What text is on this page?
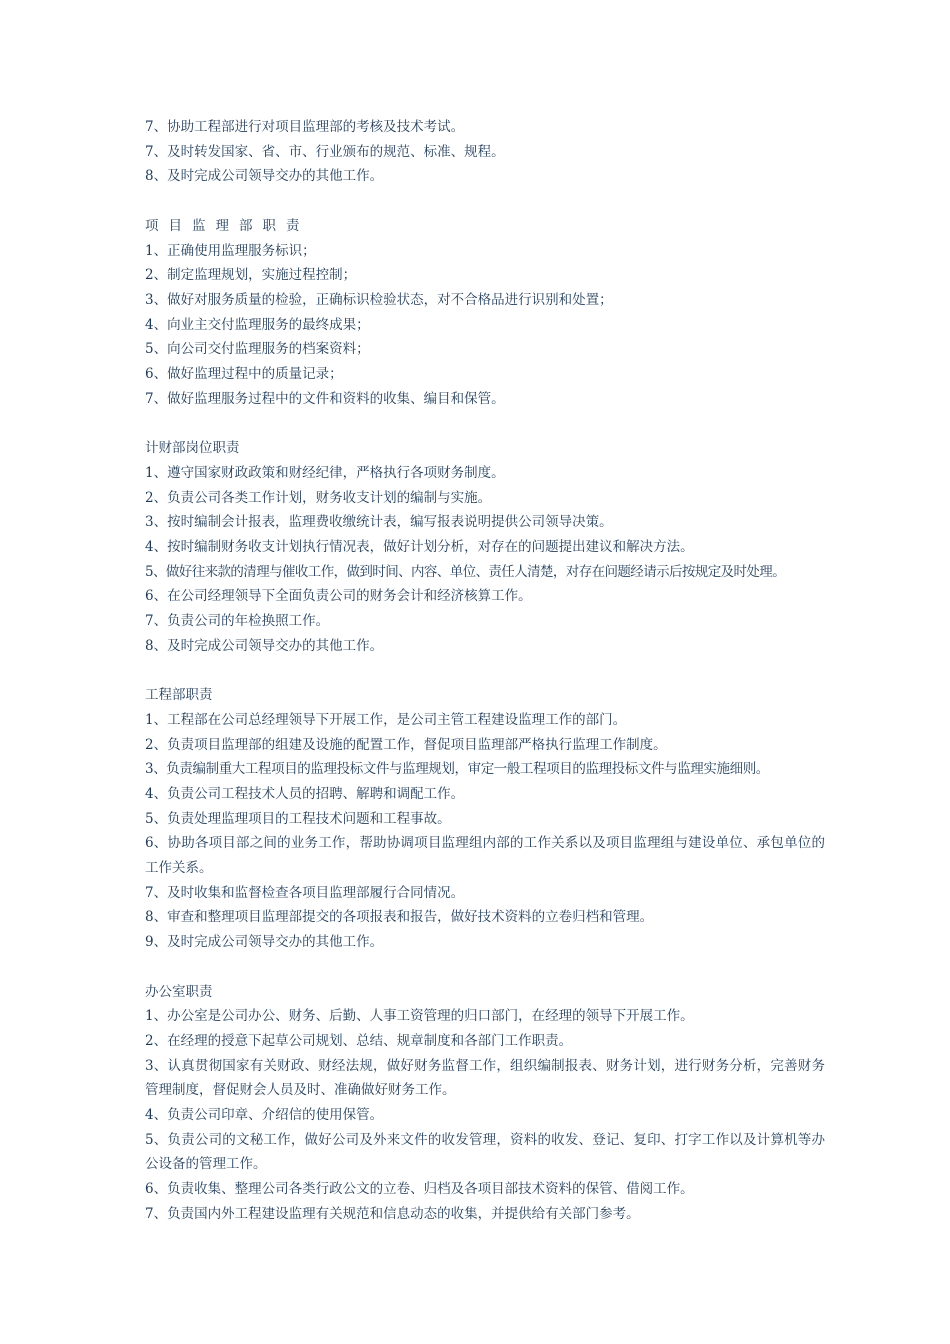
7、协助工程部进行对项目监理部的考核及技术考试。
7、及时转发国家、省、市、行业颁布的规范、标准、规程。
8、及时完成公司领导交办的其他工作。
项目监理部职责
1、正确使用监理服务标识；
2、制定监理规划，实施过程控制；
3、做好对服务质量的检验，正确标识检验状态，对不合格品进行识别和处置；
4、向业主交付监理服务的最终成果；
5、向公司交付监理服务的档案资料；
6、做好监理过程中的质量记录；
7、做好监理服务过程中的文件和资料的收集、编目和保管。
计财部岗位职责
1、遵守国家财政政策和财经纪律，严格执行各项财务制度。
2、负责公司各类工作计划，财务收支计划的编制与实施。
3、按时编制会计报表，监理费收缴统计表，编写报表说明提供公司领导决策。
4、按时编制财务收支计划执行情况表，做好计划分析，对存在的问题提出建议和解决方法。
5、做好往来款的清理与催收工作，做到时间、内容、单位、责任人清楚，对存在问题经请示后按规定及时处理。
6、在公司经理领导下全面负责公司的财务会计和经济核算工作。
7、负责公司的年检换照工作。
8、及时完成公司领导交办的其他工作。
工程部职责
1、工程部在公司总经理领导下开展工作，是公司主管工程建设监理工作的部门。
2、负责项目监理部的组建及设施的配置工作，督促项目监理部严格执行监理工作制度。
3、负责编制重大工程项目的监理投标文件与监理规划，审定一般工程项目的监理投标文件与监理实施细则。
4、负责公司工程技术人员的招聘、解聘和调配工作。
5、负责处理监理项目的工程技术问题和工程事故。
6、协助各项目部之间的业务工作，帮助协调项目监理组内部的工作关系以及项目监理组与建设单位、承包单位的工作关系。
7、及时收集和监督检查各项目监理部履行合同情况。
8、审查和整理项目监理部提交的各项报表和报告，做好技术资料的立卷归档和管理。
9、及时完成公司领导交办的其他工作。
办公室职责
1、办公室是公司办公、财务、后勤、人事工资管理的归口部门，在经理的领导下开展工作。
2、在经理的授意下起草公司规划、总结、规章制度和各部门工作职责。
3、认真贯彻国家有关财政、财经法规，做好财务监督工作，组织编制报表、财务计划，进行财务分析，完善财务管理制度，督促财会人员及时、准确做好财务工作。
4、负责公司印章、介绍信的使用保管。
5、负责公司的文秘工作，做好公司及外来文件的收发管理，资料的收发、登记、复印、打字工作以及计算机等办公设备的管理工作。
6、负责收集、整理公司各类行政公文的立卷、归档及各项目部技术资料的保管、借阅工作。
7、负责国内外工程建设监理有关规范和信息动态的收集，并提供给有关部门参考。
